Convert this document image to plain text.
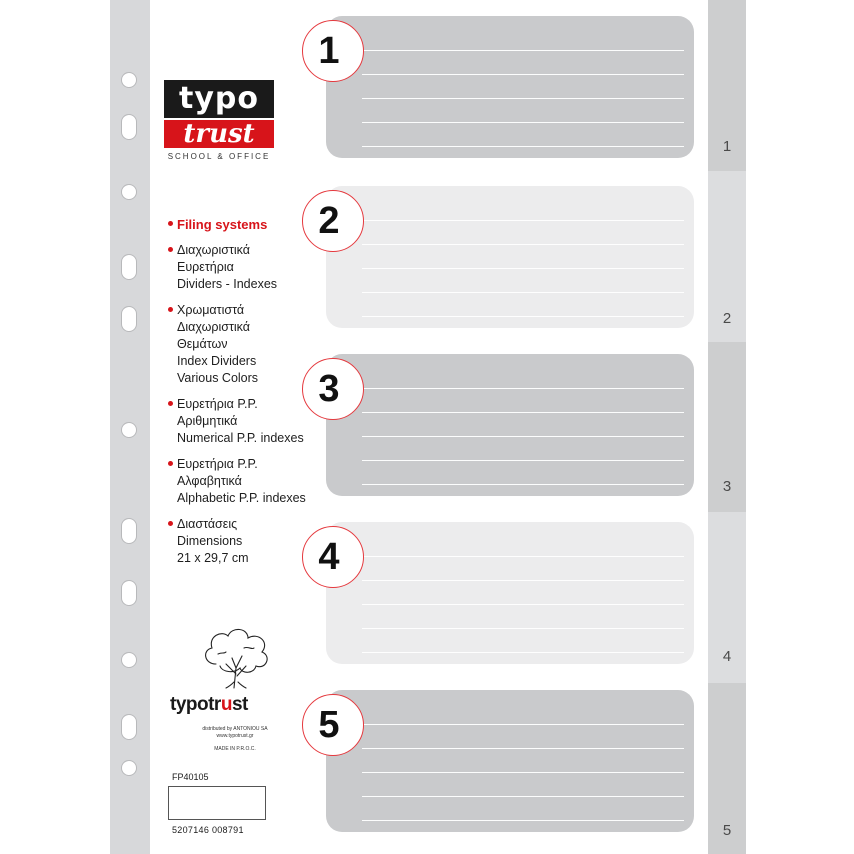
typo
trust
SCHOOL & OFFICE
Filing systems
Διαχωριστικά
Ευρετήρια
Dividers - Indexes
Χρωματιστά
Διαχωριστικά
Θεμάτων
Index Dividers
Various Colors
Ευρετήρια P.P.
Αριθμητικά
Numerical P.P. indexes
Ευρετήρια P.P.
Αλφαβητικά
Alphabetic P.P. indexes
Διαστάσεις
Dimensions
21 x 29,7 cm
typotrust
distributed by ANTONIOU SA
www.typotrust.gr
MADE IN P.R.O.C.
FP40105
5207146 008791
1
2
3
4
5
1
2
3
4
5
